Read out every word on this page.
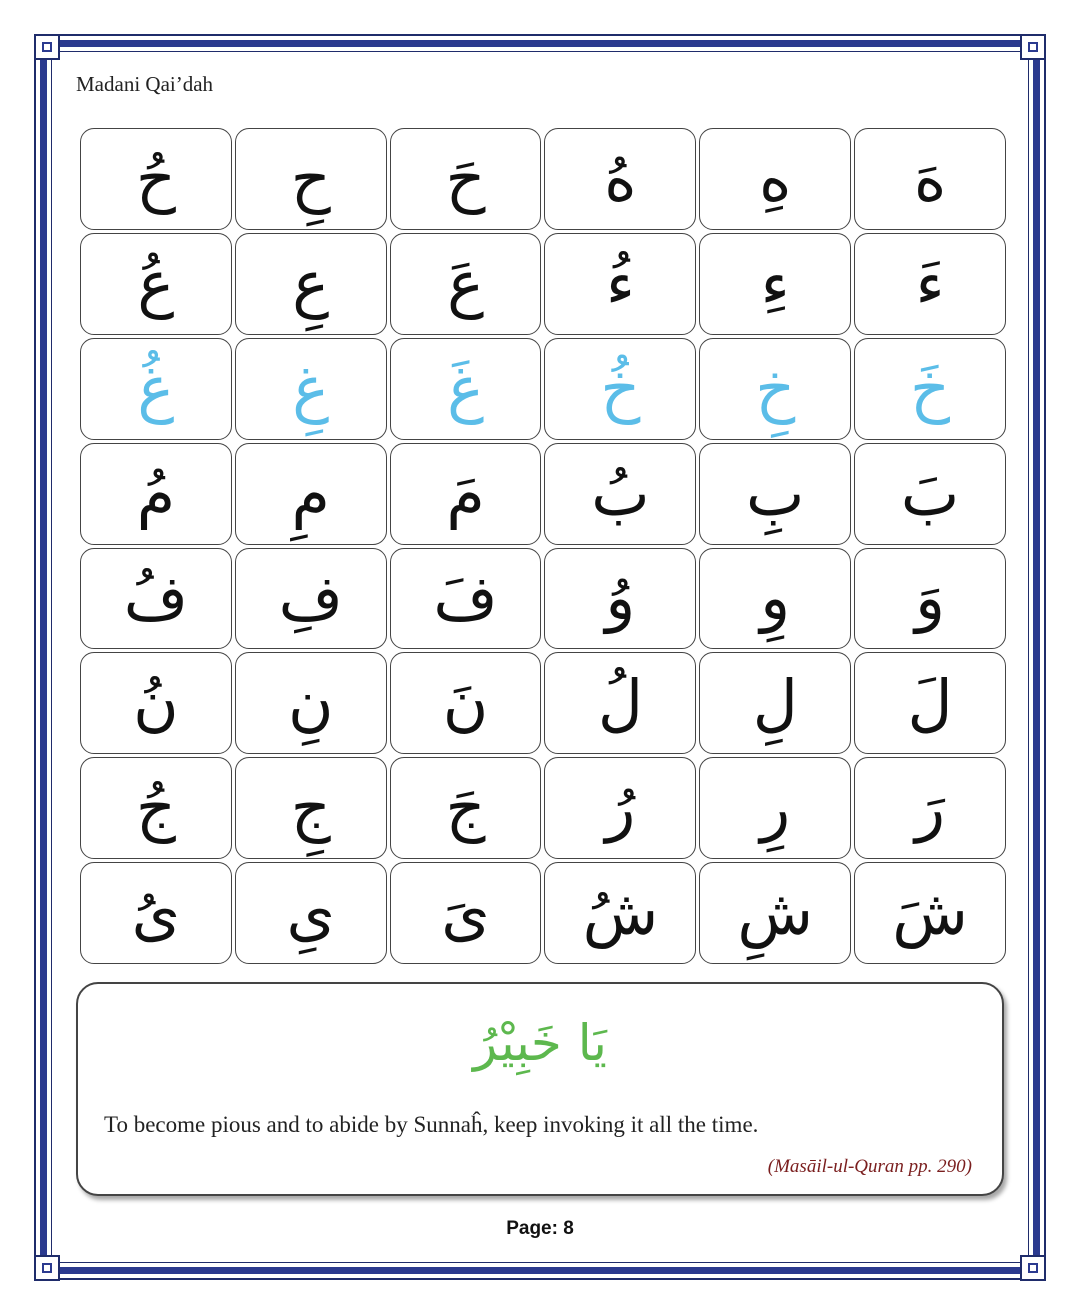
Madani Qai’dah
ح ح ح ه ه ه
ع ع ع ء ء ء
غ غ غ خ خ خ
م م م ب ب ب
ف ف ف و و و
ن ن ن ل ل ل
ج ج ج ر ر ر
ى ى ى ش ش ش
يَا خَبِيْرُ
To become pious and to abide by Sunnaĥ, keep invoking it all the time.
(Masāil-ul-Quran pp. 290)
Page: 8
